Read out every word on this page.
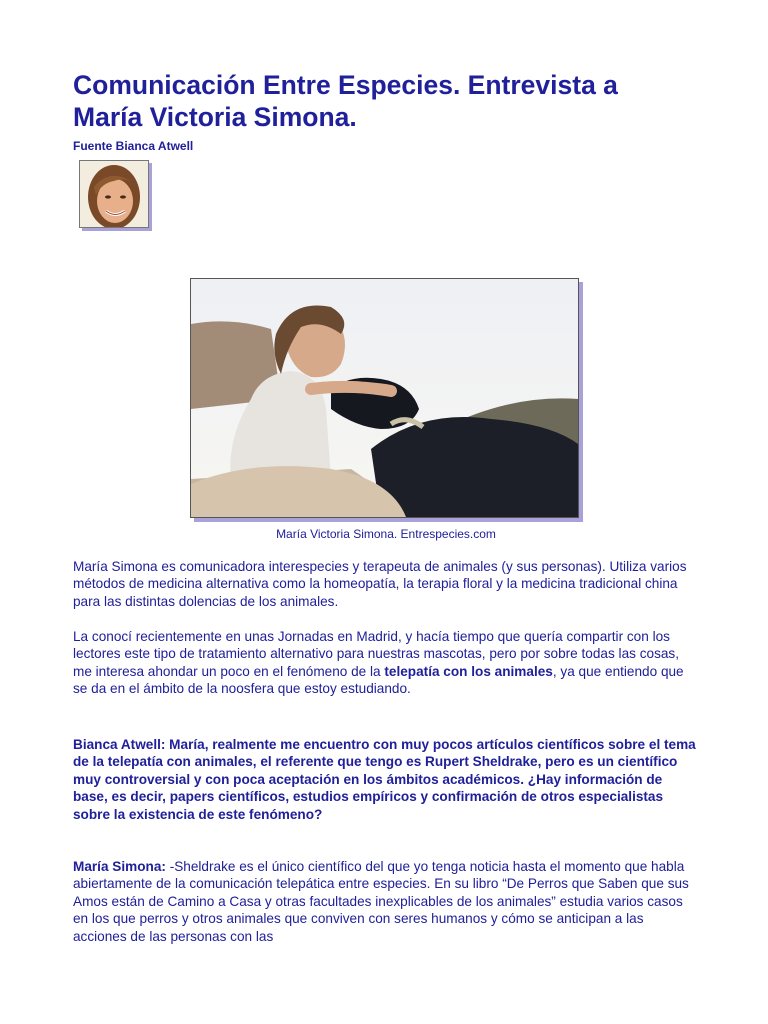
Comunicación Entre Especies. Entrevista a María Victoria Simona.
Fuente Bianca Atwell
María Victoria Simona. Entrespecies.com

María Simona es comunicadora interespecies y terapeuta de animales (y sus personas). Utiliza varios métodos de medicina alternativa como la homeopatía, la terapia floral y la medicina tradicional china para las distintas dolencias de los animales.

La conocí recientemente en unas Jornadas en Madrid, y hacía tiempo que quería compartir con los lectores este tipo de tratamiento alternativo para nuestras mascotas, pero por sobre todas las cosas, me interesa ahondar un poco en el fenómeno de la telepatía con los animales, ya que entiendo que se da en el ámbito de la noosfera que estoy estudiando.

Bianca Atwell: María, realmente me encuentro con muy pocos artículos científicos sobre el tema de la telepatía con animales, el referente que tengo es Rupert Sheldrake, pero es un científico muy controversial y con poca aceptación en los ámbitos académicos. ¿Hay información de base, es decir, papers científicos, estudios empíricos y confirmación de otros especialistas sobre la existencia de este fenómeno?

María Simona: -Sheldrake es el único científico del que yo tenga noticia hasta el momento que habla abiertamente de la comunicación telepática entre especies. En su libro “De Perros que Saben que sus Amos están de Camino a Casa y otras facultades inexplicables de los animales” estudia varios casos en los que perros y otros animales que conviven con seres humanos y cómo se anticipan a las acciones de las personas con las
